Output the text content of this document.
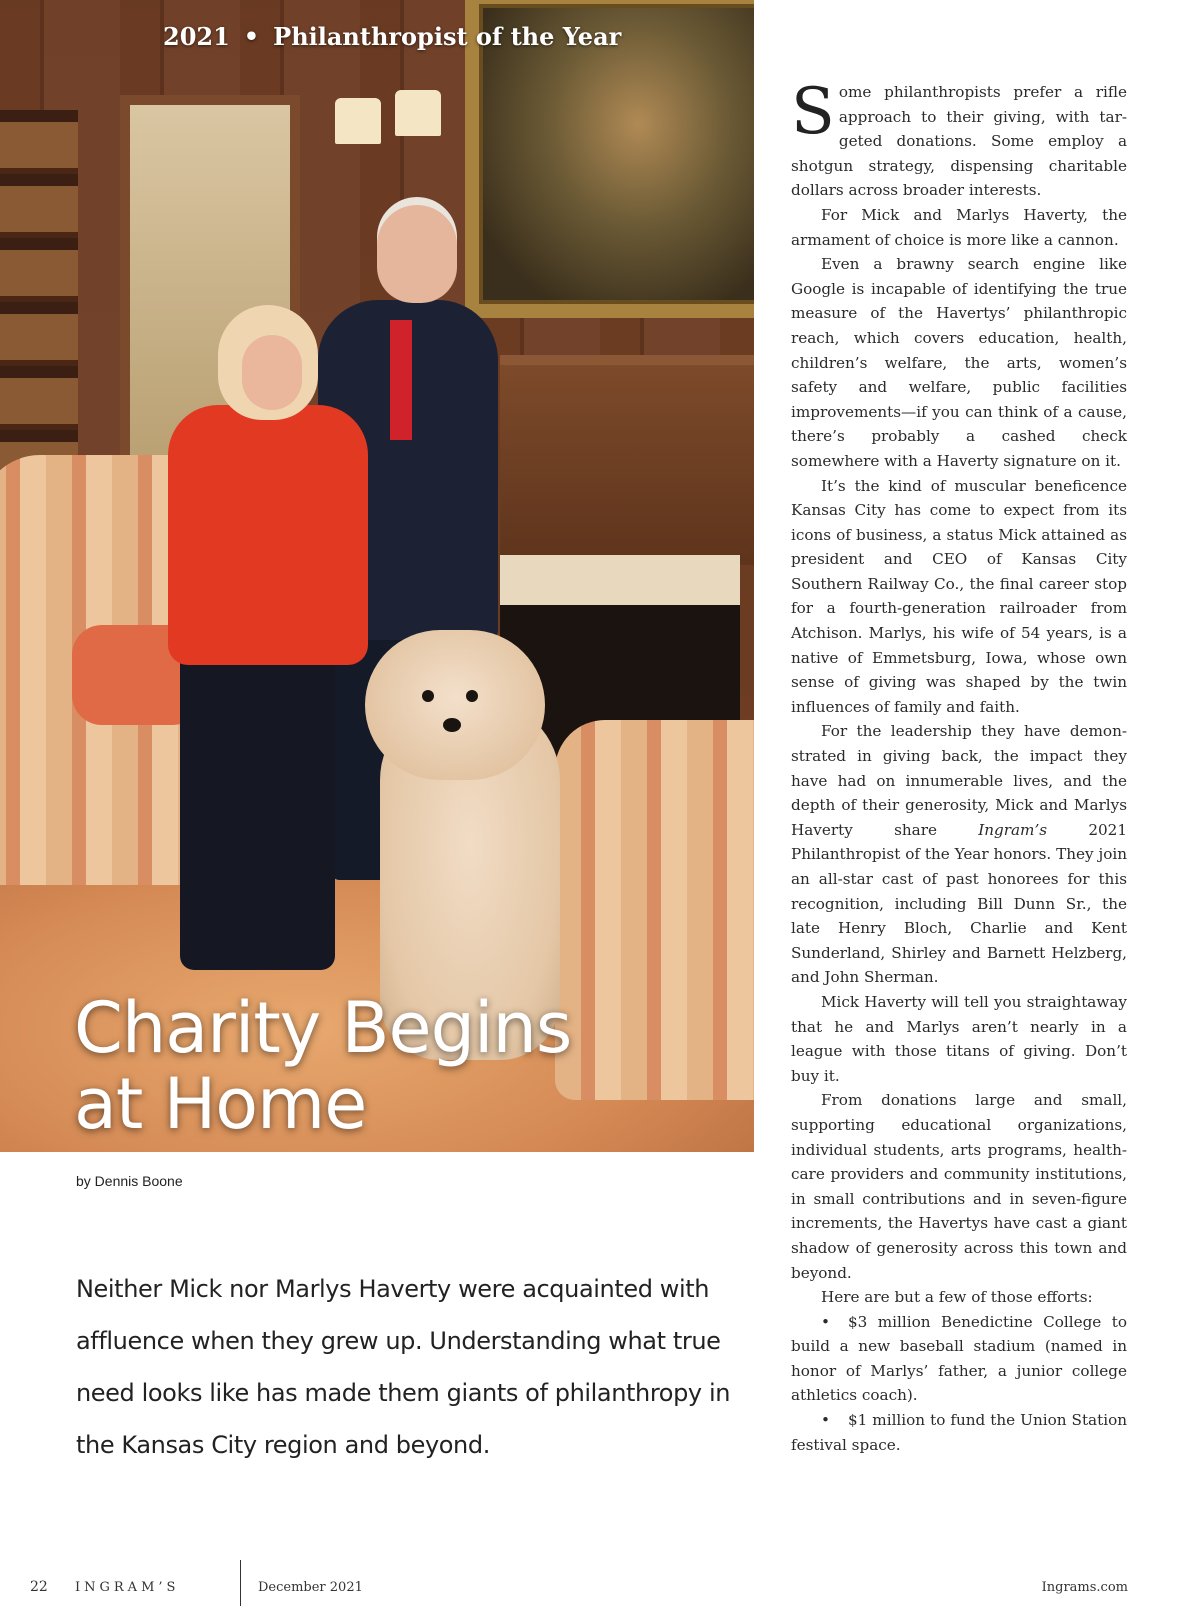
2021 • Philanthropist of the Year
Charity Begins
at Home
by Dennis Boone

Neither Mick nor Marlys Haverty were acquainted with affluence when they grew up. Understanding what true need looks like has made them giants of philanthropy in the Kansas City region and beyond.

Some philanthropists prefer a rifle approach to their giving, with targeted donations. Some employ a shotgun strategy, dispensing charitable dollars across broader interests.

For Mick and Marlys Haverty, the armament of choice is more like a cannon.

Even a brawny search engine like Google is incapable of identifying the true measure of the Havertys’ philanthropic reach, which covers education, health, children’s welfare, the arts, women’s safety and welfare, public facilities improvements—if you can think of a cause, there’s probably a cashed check somewhere with a Haverty signature on it.

It’s the kind of muscular beneficence Kansas City has come to expect from its icons of business, a status Mick attained as president and CEO of Kansas City Southern Railway Co., the final career stop for a fourth-generation railroader from Atchison. Marlys, his wife of 54 years, is a native of Emmetsburg, Iowa, whose own sense of giving was shaped by the twin influences of family and faith.

For the leadership they have demonstrated in giving back, the impact they have had on innumerable lives, and the depth of their generosity, Mick and Marlys Haverty share Ingram’s 2021 Philanthropist of the Year honors. They join an all-star cast of past honorees for this recognition, including Bill Dunn Sr., the late Henry Bloch, Charlie and Kent Sunderland, Shirley and Barnett Helzberg, and John Sherman.

Mick Haverty will tell you straightaway that he and Marlys aren’t nearly in a league with those titans of giving. Don’t buy it.

From donations large and small, supporting educational organizations, individual students, arts programs, health-care providers and community institutions, in small contributions and in seven-figure increments, the Havertys have cast a giant shadow of generosity across this town and beyond.

Here are but a few of those efforts:

• $3 million Benedictine College to build a new baseball stadium (named in honor of Marlys’ father, a junior college athletics coach).

• $1 million to fund the Union Station festival space.

22 INGRAM’S	December 2021	Ingrams.com
